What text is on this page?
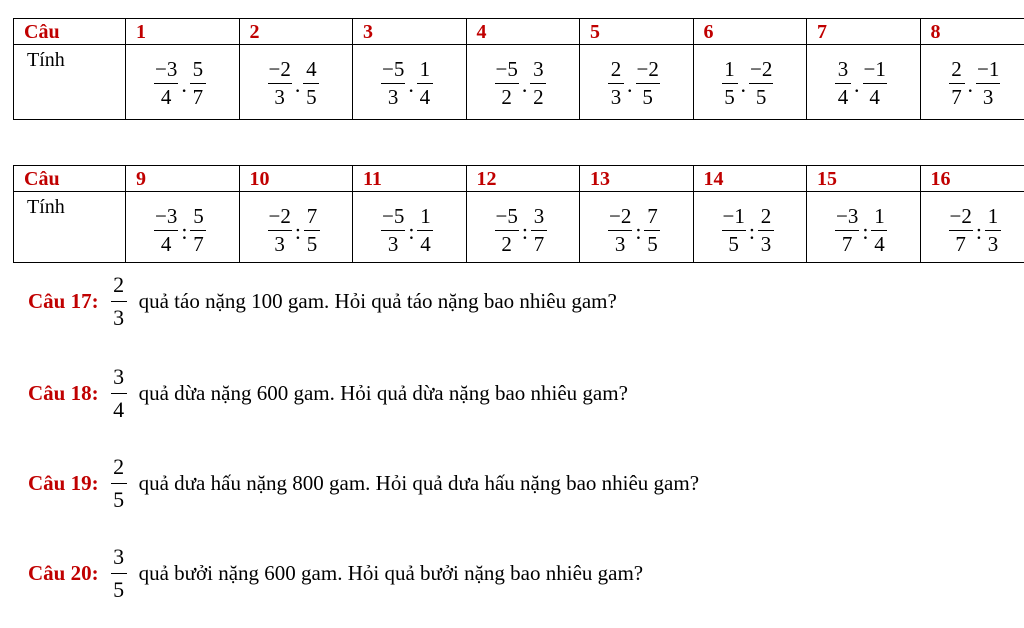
Câu	1	2	3	4	5	6	7	8

Tính	$\frac{-3}{4}$ . $\frac{5}{7}$	$\frac{-2}{3}$ . $\frac{4}{5}$	$\frac{-5}{3}$ . $\frac{1}{4}$	$\frac{-5}{2}$ . $\frac{3}{2}$	$\frac{2}{3}$ . $\frac{-2}{5}$	$\frac{1}{5}$ . $\frac{-2}{5}$	$\frac{3}{4}$ . $\frac{-1}{4}$	$\frac{2}{7}$ . $\frac{-1}{3}$
Câu	9	10	11	12	13	14	15	16

Tính	$\frac{-3}{4}$ : $\frac{5}{7}$	$\frac{-2}{3}$ : $\frac{7}{5}$	$\frac{-5}{3}$ : $\frac{1}{4}$	$\frac{-5}{2}$ : $\frac{3}{7}$	$\frac{-2}{3}$ : $\frac{7}{5}$	$\frac{-1}{5}$ : $\frac{2}{3}$	$\frac{-3}{7}$ : $\frac{1}{4}$	$\frac{-2}{7}$ : $\frac{1}{3}$
Câu 17: $\frac{2}{3}$ quả táo nặng 100 gam. Hỏi quả táo nặng bao nhiêu gam?
Câu 18: $\frac{3}{4}$ quả dừa nặng 600 gam. Hỏi quả dừa nặng bao nhiêu gam?
Câu 19: $\frac{2}{5}$ quả dưa hấu nặng 800 gam. Hỏi quả dưa hấu nặng bao nhiêu gam?
Câu 20: $\frac{3}{5}$ quả bưởi nặng 600 gam. Hỏi quả bưởi nặng bao nhiêu gam?
